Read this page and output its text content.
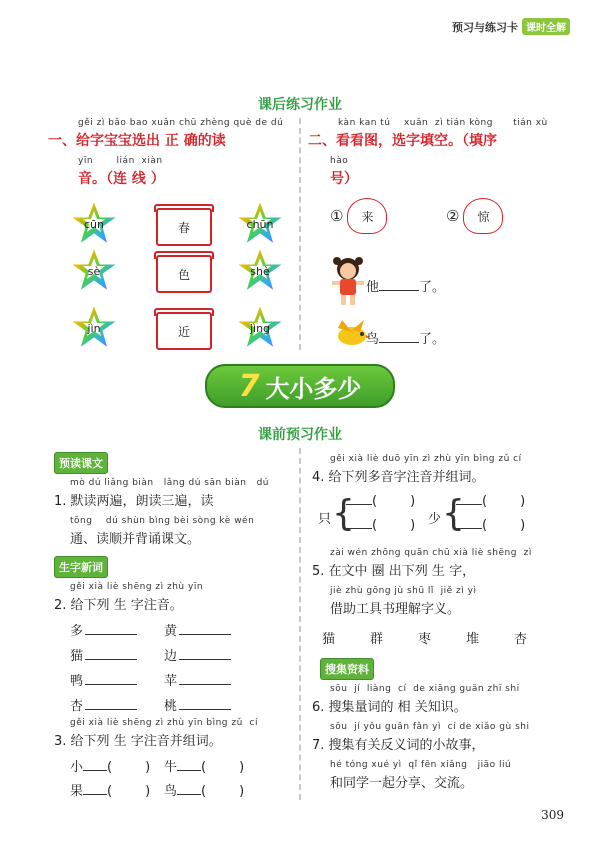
预习与练习卡 课时全解
课后练习作业
gěi zì bǎo bao xuǎn chū zhèng què de dú
一、给字宝宝选出 正 确的读
yīn       lián  xiàn
音。（连 线 ）
cūn	春	chūn
sè	色	shè
jìn	近	jìng
kàn kan tú    xuǎn  zì tián kòng      tián xù
二、看看图，选字填空。（填序
hào
号）
①	来	②	惊
他	了。
鸟	了。
7 大小多少
课前预习作业
预读课文
mò dú liǎng biàn   lǎng dú sān biàn   dú
1. 默读两遍，朗读三遍，读
tōng    dú shùn bìng bèi sòng kè wén
通、读顺并背诵课文。
生字新词
gěi xià liè shēng zì zhù yīn
2. 给下列 生 字注音。
多	黄
猫	边
鸭	苹
杏	桃
gěi xià liè shēng zì zhù yīn bìng zǔ  cí
3. 给下列 生 字注音并组词。
小 (        ) 牛 (        )
果 (        ) 鸟 (        )
gěi xià liè duō yīn zì zhù yīn bìng zǔ cí
4. 给下列多音字注音并组词。
只 {	(        )
(        ) 少 {	(        )
(        )
zài wén zhōng quān chū xià liè shēng  zì
5. 在文中 圈 出下列 生 字，
jiè zhù gōng jù shū lǐ  jiě zì yì
借助工具书理解字义。
猫	群	枣	堆	杏
搜集资料
sōu  jí  liàng  cí  de xiāng guān zhī shi
6. 搜集量词的 相 关知识。
sōu  jí yǒu guān fǎn yì  cí de xiǎo gù shi
7. 搜集有关反义词的小故事，
hé tóng xué yì  qǐ fēn xiǎng   jiāo liú
和同学一起分享、交流。
309
